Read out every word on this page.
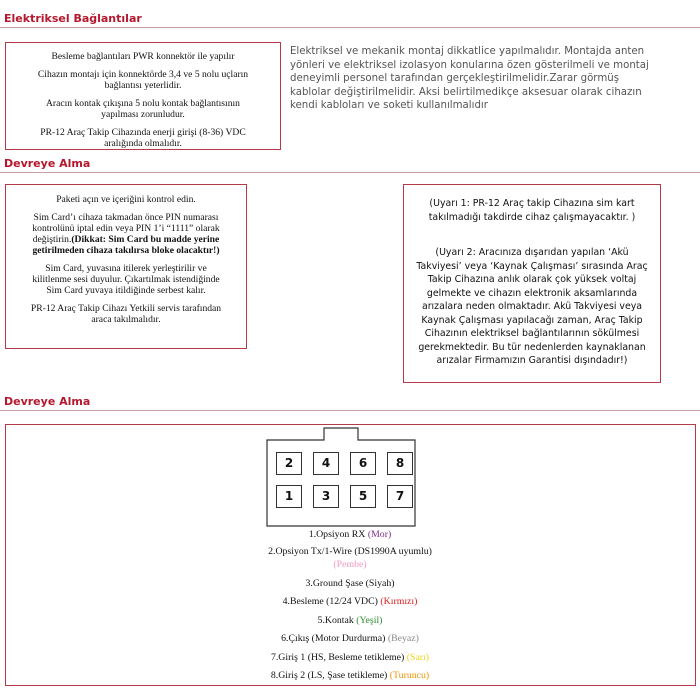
Elektriksel Bağlantılar

Besleme bağlantıları PWR konnektör ile yapılır

Cihazın montajı için konnektörde 3,4 ve 5 nolu uçların bağlantısı yeterlidir.

Aracın kontak çıkışına 5 nolu kontak bağlantısının yapılması zorunludur.

PR-12 Araç Takip Cihazında enerji girişi (8-36) VDC aralığında olmalıdır.

Elektriksel ve mekanik montaj dikkatlice yapılmalıdır. Montajda anten yönleri ve elektriksel izolasyon konularına özen gösterilmeli ve montaj deneyimli personel tarafından gerçekleştirilmelidir.Zarar görmüş kablolar değiştirilmelidir. Aksi belirtilmedikçe aksesuar olarak cihazın kendi kabloları ve soketi kullanılmalıdır
Devreye Alma

Paketi açın ve içeriğini kontrol edin.

Sim Card’ı cihaza takmadan önce PIN numarası kontrolünü iptal edin veya PIN 1’i “1111” olarak değiştirin.(Dikkat: Sim Card bu madde yerine getirilmeden cihaza takılırsa bloke olacaktır!)

Sim Card, yuvasına itilerek yerleştirilir ve kilitlenme sesi duyulur. Çıkartılmak istendiğinde Sim Card yuvaya itildiğinde serbest kalır.

PR-12 Araç Takip Cihazı Yetkili servis tarafından araca takılmalıdır.

(Uyarı 1: PR-12 Araç takip Cihazına sim kart takılmadığı takdirde cihaz çalışmayacaktır. )

(Uyarı 2: Aracınıza dışarıdan yapılan ‘Akü Takviyesi’ veya ‘Kaynak Çalışması’ sırasında Araç Takip Cihazına anlık olarak çok yüksek voltaj gelmekte ve cihazın elektronik aksamlarında arızalara neden olmaktadır. Akü Takviyesi veya Kaynak Çalışması yapılacağı zaman, Araç Takip Cihazının elektriksel bağlantılarının sökülmesi gerekmektedir. Bu tür nedenlerden kaynaklanan arızalar Firmamızın Garantisi dışındadır!)

Devreye Alma
2	4	6	8
1	3	5	7
1.Opsiyon RX (Mor)
2.Opsiyon Tx/1-Wire (DS1990A uyumlu)
(Pembe)
3.Ground Şase (Siyah)
4.Besleme (12/24 VDC) (Kırmızı)
5.Kontak (Yeşil)
6.Çıkış (Motor Durdurma) (Beyaz)
7.Giriş 1 (HS, Besleme tetikleme) (Sarı)
8.Giriş 2 (LS, Şase tetikleme) (Turuncu)
